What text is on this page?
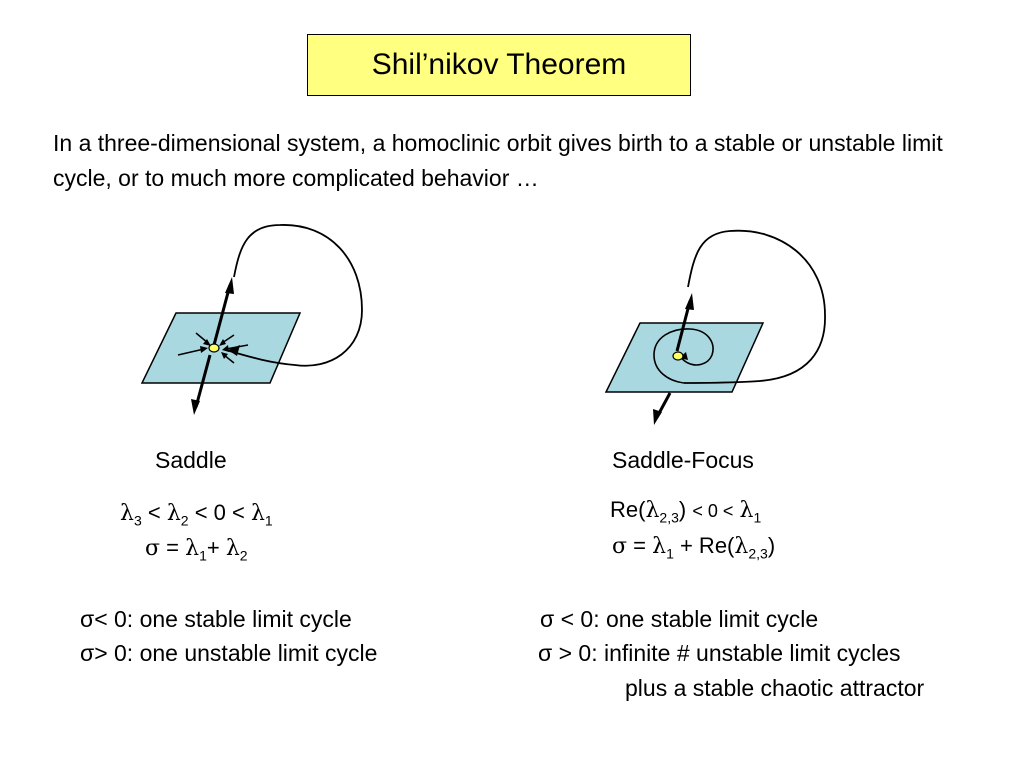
Shil’nikov Theorem
In a three-dimensional system, a homoclinic orbit gives birth to a stable or unstable limit cycle, or to much more complicated behavior …
Saddle	Saddle-Focus
$\lambda_3 < \lambda_2 < 0 < \lambda_1$
$\sigma = \lambda_1+ \lambda_2$
$Re(\lambda_{2,3}) < 0 < \lambda_1$
$\sigma = \lambda_1 + Re(\lambda_{2,3})$
σ< 0: one stable limit cycle
σ> 0: one unstable limit cycle
σ < 0: one stable limit cycle
σ > 0: infinite # unstable limit cycles
plus a stable chaotic attractor
